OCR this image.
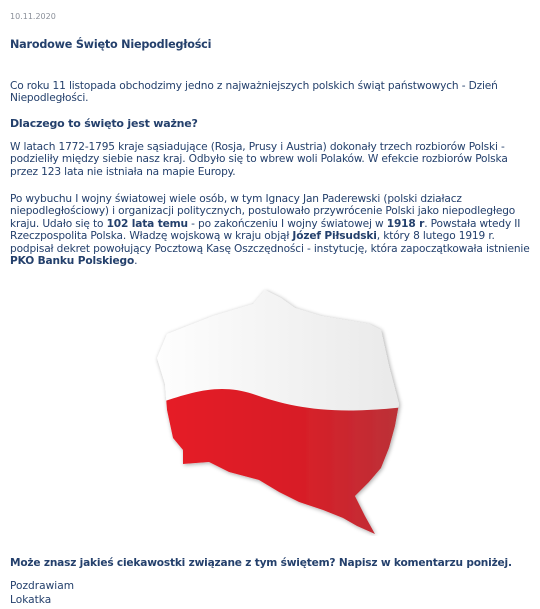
10.11.2020
Narodowe Święto Niepodległości
Co roku 11 listopada obchodzimy jedno z najważniejszych polskich świąt państwowych - Dzień Niepodległości.
Dlaczego to święto jest ważne?
W latach 1772-1795 kraje sąsiadujące (Rosja, Prusy i Austria) dokonały trzech rozbiorów Polski - podzieliły między siebie nasz kraj. Odbyło się to wbrew woli Polaków. W efekcie rozbiorów Polska przez 123 lata nie istniała na mapie Europy.
Po wybuchu I wojny światowej wiele osób, w tym Ignacy Jan Paderewski (polski działacz niepodległościowy) i organizacji politycznych, postulowało przywrócenie Polski jako niepodległego kraju. Udało się to 102 lata temu - po zakończeniu I wojny światowej w 1918 r. Powstała wtedy II Rzeczpospolita Polska. Władzę wojskową w kraju objął Józef Piłsudski, który 8 lutego 1919 r. podpisał dekret powołujący Pocztową Kasę Oszczędności - instytucję, która zapoczątkowała istnienie PKO Banku Polskiego.
Może znasz jakieś ciekawostki związane z tym świętem? Napisz w komentarzu poniżej.
Pozdrawiam
Lokatka
